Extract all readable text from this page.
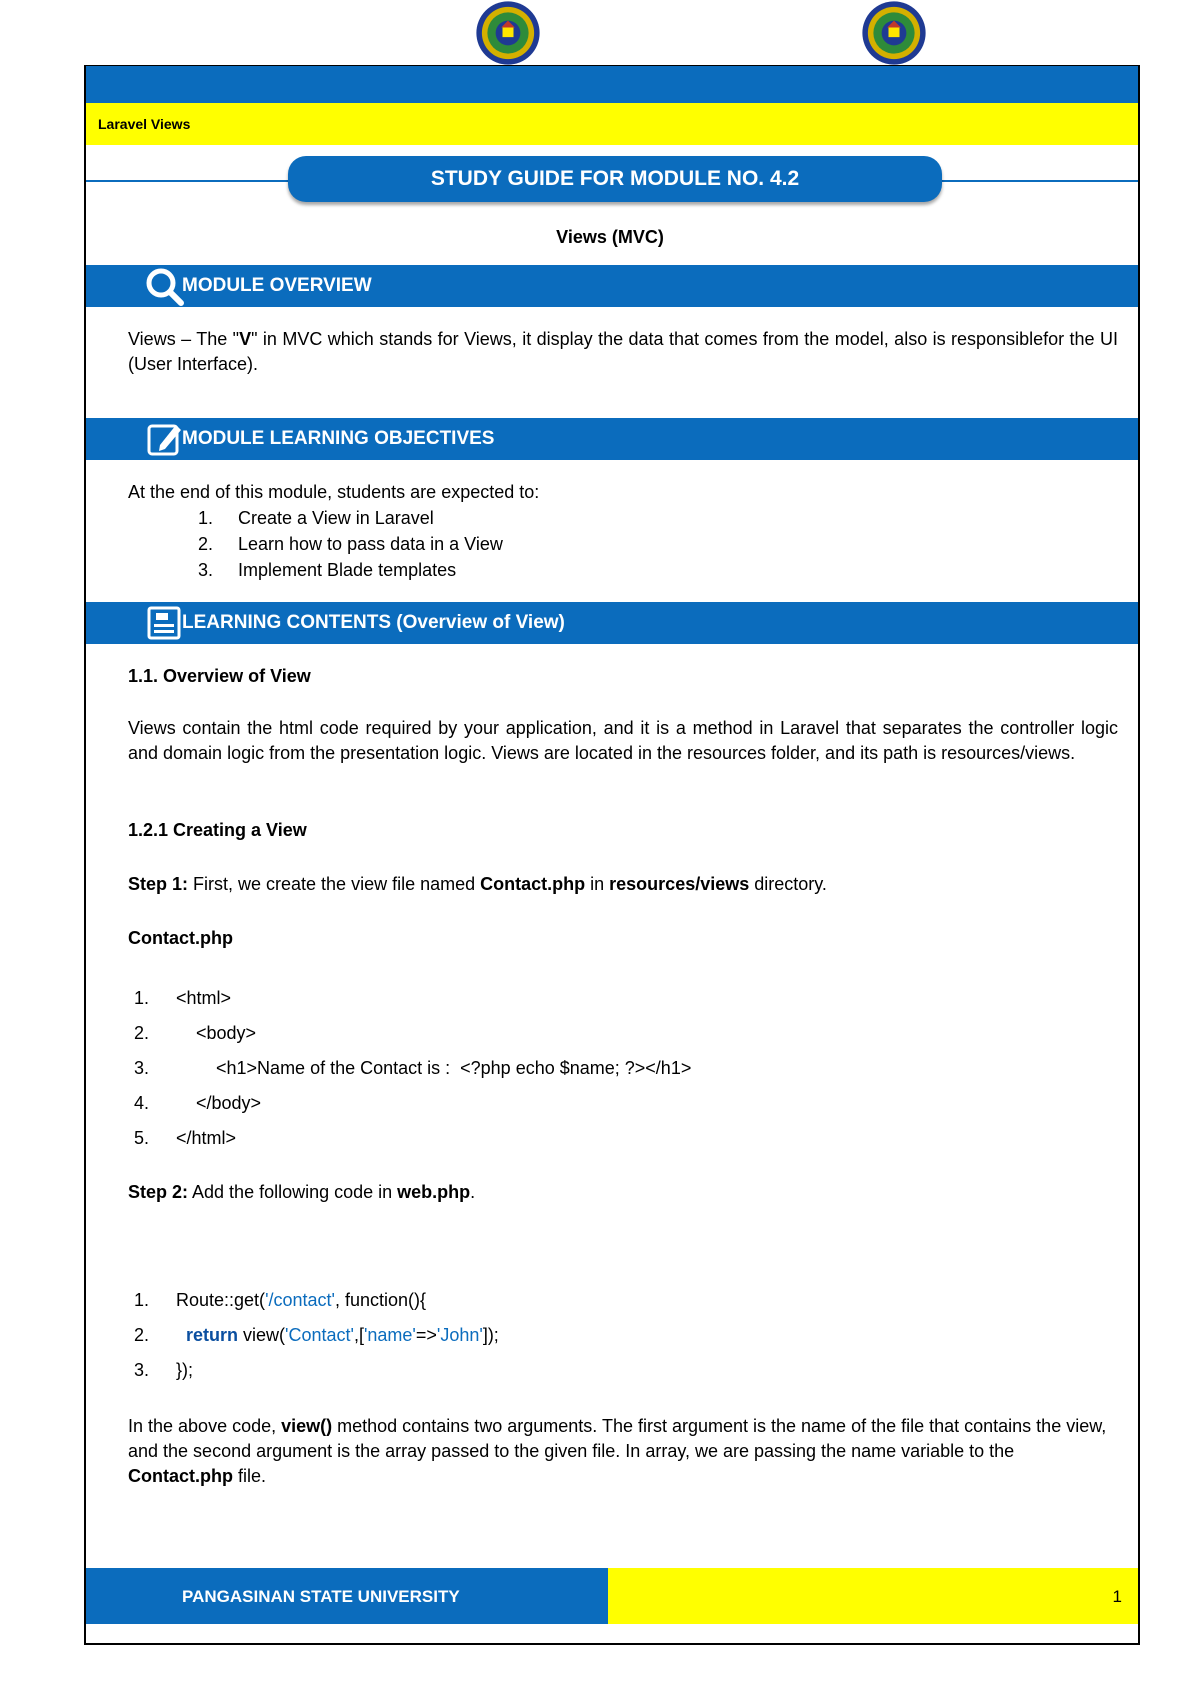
Laravel Views
STUDY GUIDE FOR MODULE NO. 4.2
Views (MVC)
MODULE OVERVIEW
Views – The "V" in MVC which stands for Views, it display the data that comes from the model, also is responsiblefor the UI (User Interface).
MODULE LEARNING OBJECTIVES
At the end of this module, students are expected to:
1. Create a View in Laravel
2. Learn how to pass data in a View
3. Implement Blade templates
LEARNING CONTENTS (Overview of View)
1.1. Overview of View
Views contain the html code required by your application, and it is a method in Laravel that separates the controller logic and domain logic from the presentation logic. Views are located in the resources folder, and its path is resources/views.
1.2.1 Creating a View
Step 1: First, we create the view file named Contact.php in resources/views directory.
Contact.php
1. <html>
2.    <body>
3.        <h1>Name of the Contact is :  <?php echo $name; ?></h1>
4.    </body>
5. </html>
Step 2: Add the following code in web.php.
1. Route::get('/contact', function(){
2. return view('Contact',['name'=>'John']);
3. });
In the above code, view() method contains two arguments. The first argument is the name of the file that contains the view, and the second argument is the array passed to the given file. In array, we are passing the name variable to the Contact.php file.
PANGASINAN STATE UNIVERSITY	1
